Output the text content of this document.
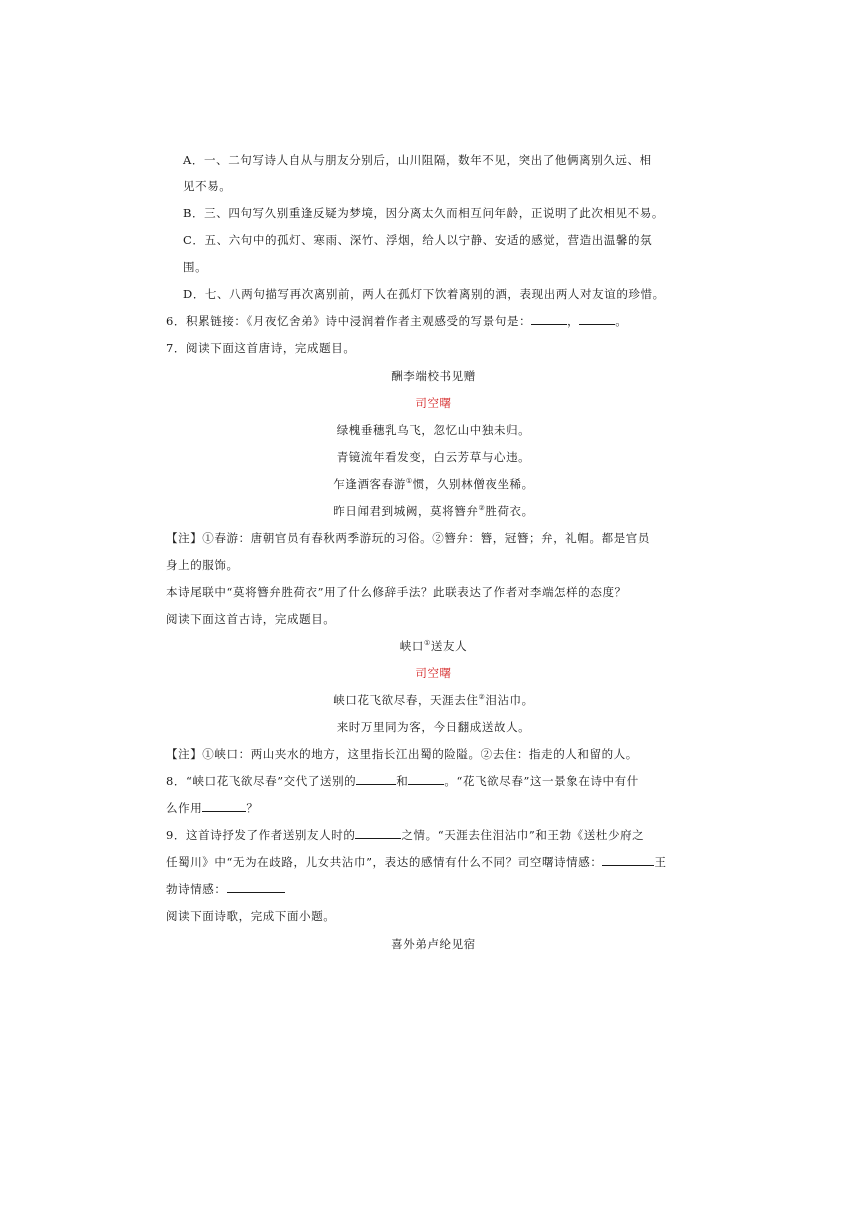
A．一、二句写诗人自从与朋友分别后，山川阻隔，数年不见，突出了他俩离别久远、相
见不易。
B．三、四句写久别重逢反疑为梦境，因分离太久而相互问年龄，正说明了此次相见不易。
C．五、六句中的孤灯、寒雨、深竹、浮烟，给人以宁静、安适的感觉，营造出温馨的氛
围。
D．七、八两句描写再次离别前，两人在孤灯下饮着离别的酒，表现出两人对友谊的珍惜。
6．积累链接：《月夜忆舍弟》诗中浸润着作者主观感受的写景句是：	，	。
7．阅读下面这首唐诗，完成题目。
酬李端校书见赠
司空曙
绿槐垂穗乳乌飞，忽忆山中独未归。
青镜流年看发变，白云芳草与心违。
乍逢酒客春游①惯，久别林僧夜坐稀。
昨日闻君到城阙，莫将簪弁②胜荷衣。
【注】①春游：唐朝官员有春秋两季游玩的习俗。②簪弁：簪，冠簪；弁，礼帽。都是官员
身上的服饰。
本诗尾联中“莫将簪弁胜荷衣”用了什么修辞手法？此联表达了作者对李端怎样的态度？
阅读下面这首古诗，完成题目。
峡口①送友人
司空曙
峡口花飞欲尽春，天涯去住②泪沾巾。
来时万里同为客，今日翻成送故人。
【注】①峡口：两山夹水的地方，这里指长江出蜀的险隘。②去住：指走的人和留的人。
8．“峡口花飞欲尽春”交代了送别的	和	。“花飞欲尽春”这一景象在诗中有什
么作用	？
9．这首诗抒发了作者送别友人时的	之情。“天涯去住泪沾巾”和王勃《送杜少府之
任蜀川》中“无为在歧路，儿女共沾巾”，表达的感情有什么不同？司空曙诗情感：	王
勃诗情感：
阅读下面诗歌，完成下面小题。
喜外弟卢纶见宿
